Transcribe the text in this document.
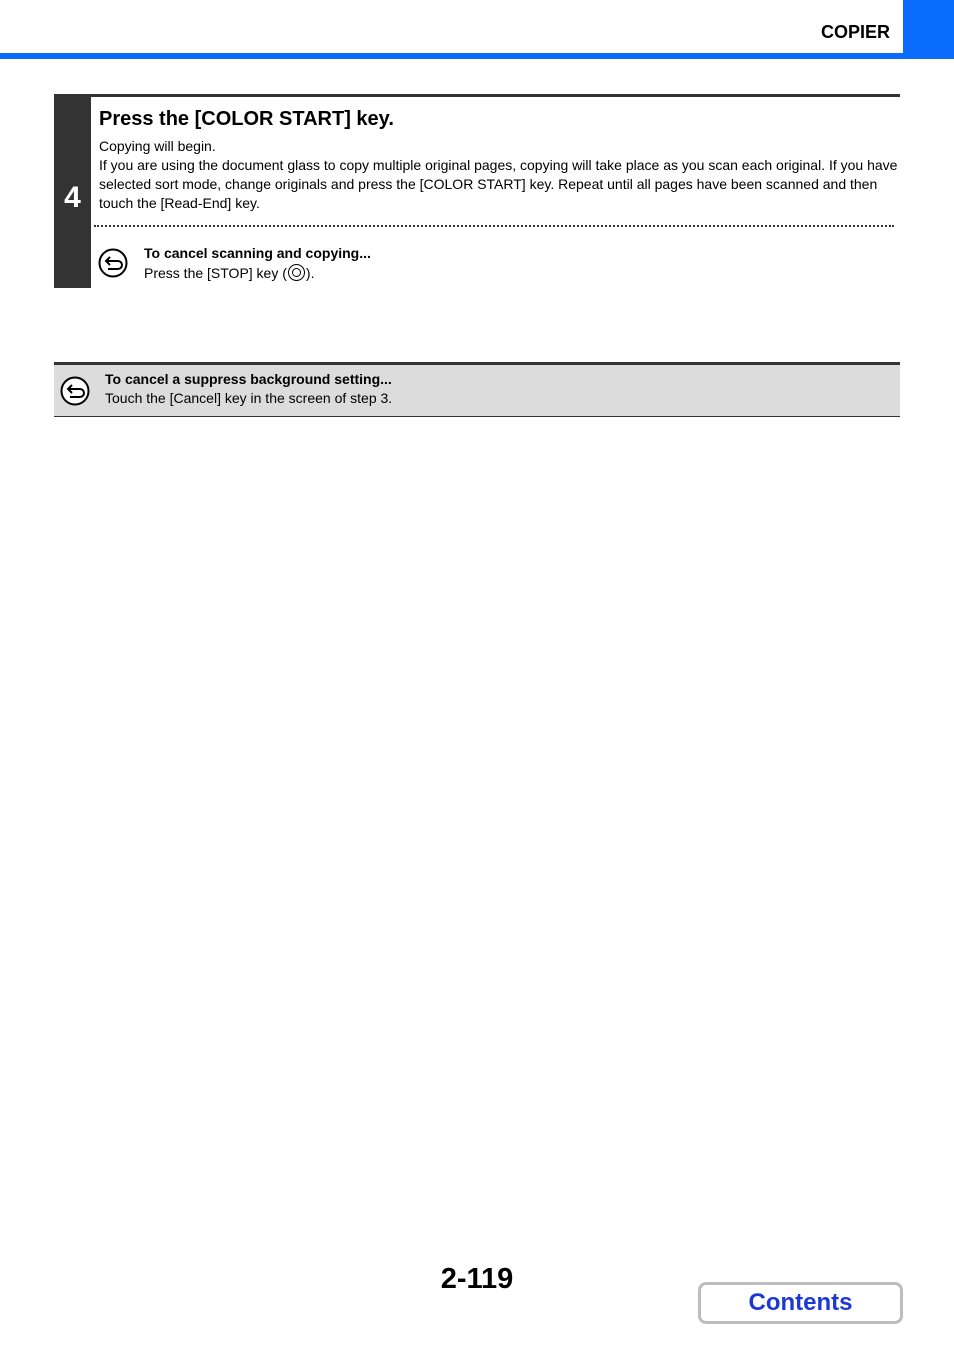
COPIER
4
Press the [COLOR START] key.

Copying will begin.

If you are using the document glass to copy multiple original pages, copying will take place as you scan each original. If you have selected sort mode, change originals and press the [COLOR START] key. Repeat until all pages have been scanned and then touch the [Read-End] key.

To cancel scanning and copying...
Press the [STOP] key ( ).
To cancel a suppress background setting...
Touch the [Cancel] key in the screen of step 3.
2-119
Contents
